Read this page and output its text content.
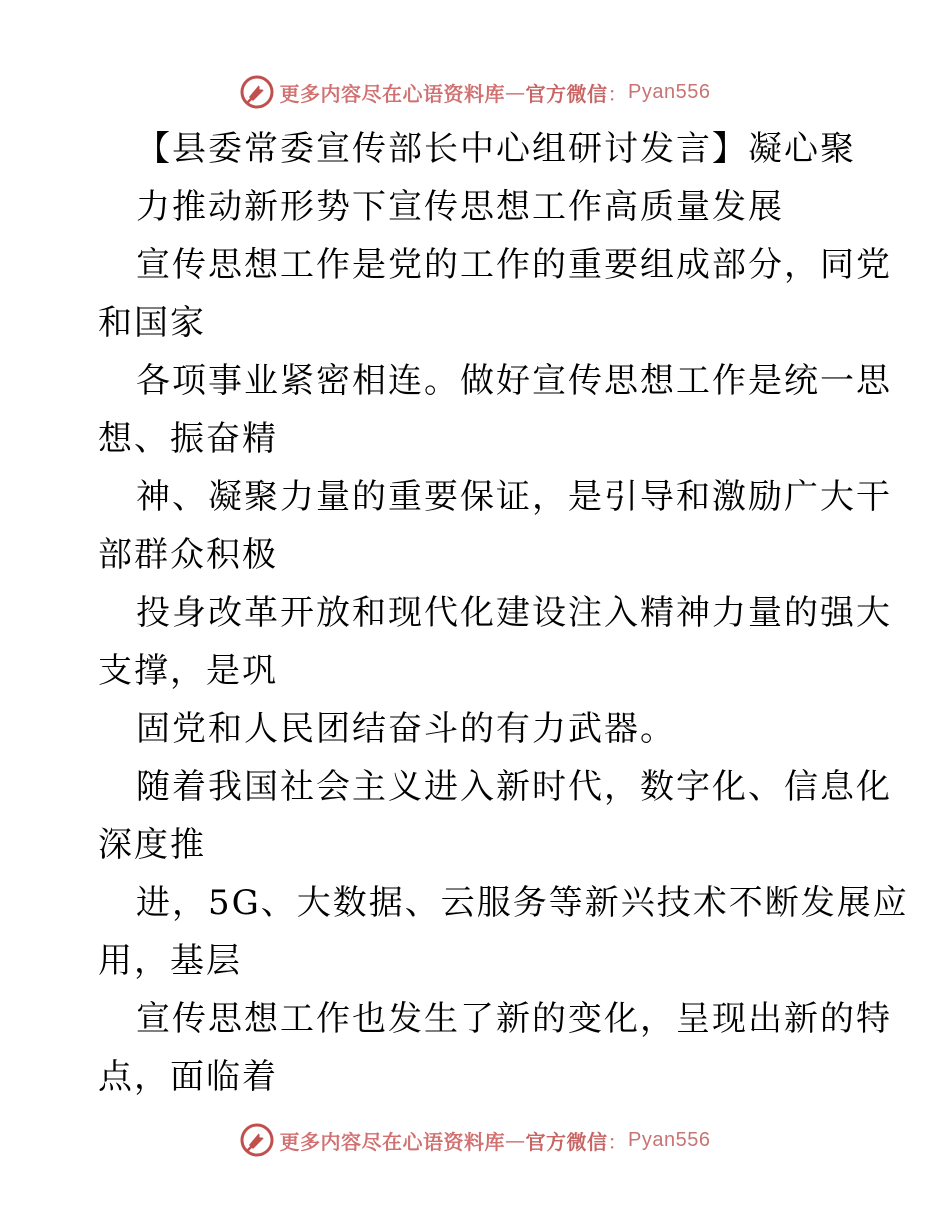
更多内容尽在心语资料库 — 官方微信 ： Pyan556
【县委常委宣传部长中心组研讨发言】凝心聚
力推动新形势下宣传思想工作高质量发展
宣传思想工作是党的工作的重要组成部分，同党
和国家
各项事业紧密相连。做好宣传思想工作是统一思
想、振奋精
神、凝聚力量的重要保证，是引导和激励广大干
部群众积极
投身改革开放和现代化建设注入精神力量的强大
支撑，是巩
固党和人民团结奋斗的有力武器。
随着我国社会主义进入新时代，数字化、信息化
深度推
进，5G、大数据、云服务等新兴技术不断发展应
用，基层
宣传思想工作也发生了新的变化，呈现出新的特
点，面临着
更多内容尽在心语资料库 — 官方微信 ： Pyan556
